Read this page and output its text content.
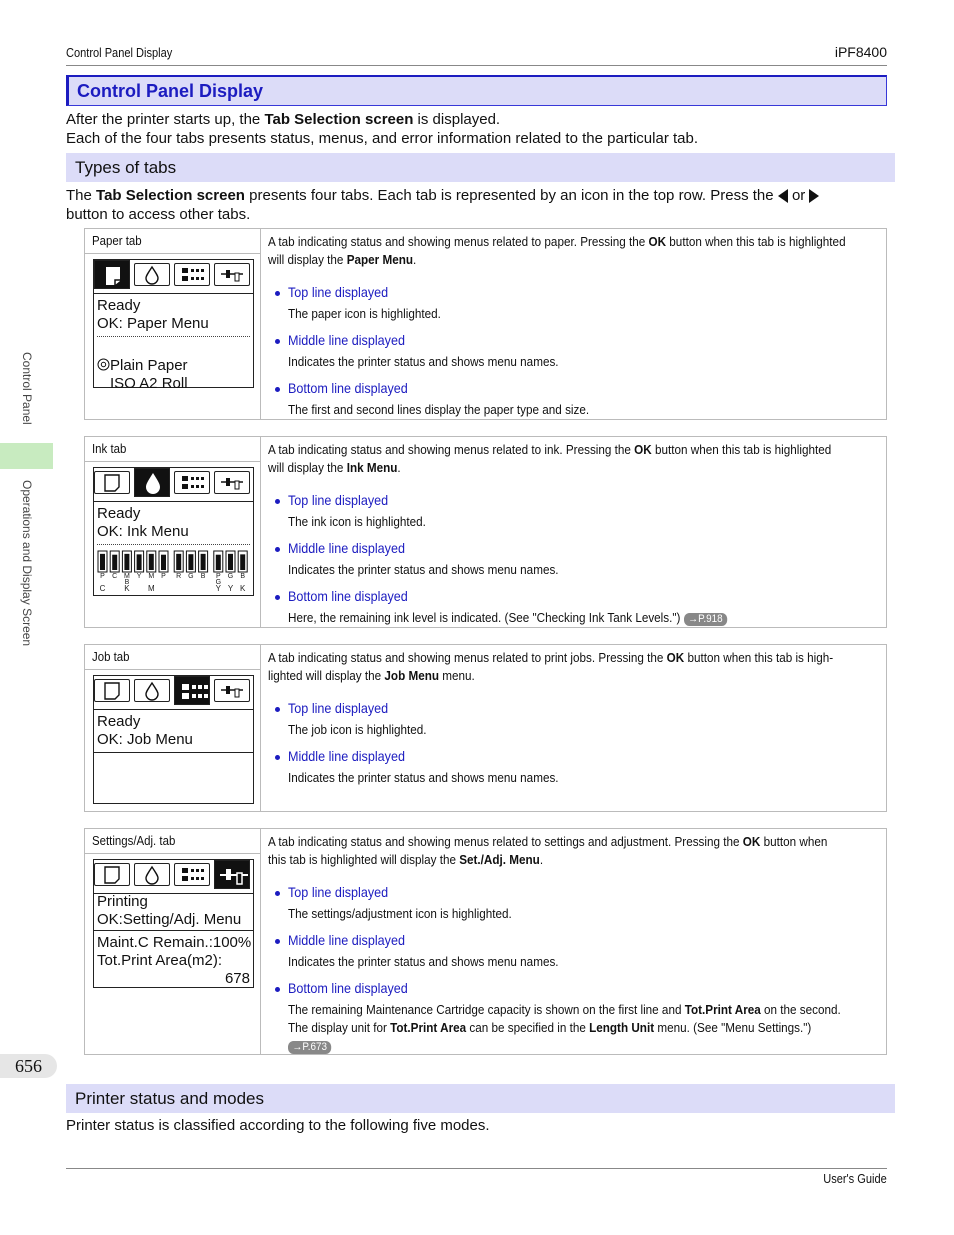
Control Panel Display	iPF8400
Control Panel
Operations and Display Screen
656
Control Panel Display
After the printer starts up, the Tab Selection screen is displayed.
Each of the four tabs presents status, menus, and error information related to the particular tab.
Types of tabs
The Tab Selection screen presents four tabs. Each tab is represented by an icon in the top row. Press the  or
button to access other tabs.
Paper tab
Ready
OK: Paper Menu
Plain Paper
ISO A2 Roll
A tab indicating status and showing menus related to paper. Pressing the OK button when this tab is highlighted
will display the Paper Menu.
Top line displayed
The paper icon is highlighted.
Middle line displayed
Indicates the printer status and shows menu names.
Bottom line displayed
The first and second lines display the paper type and size.
Ink tab
Ready
OK: Ink Menu
P
C
C M
B
K
Y M
M
P R G B P
G
Y
G
Y
B
K
A tab indicating status and showing menus related to ink. Pressing the OK button when this tab is highlighted
will display the Ink Menu.
Top line displayed
The ink icon is highlighted.
Middle line displayed
Indicates the printer status and shows menu names.
Bottom line displayed
Here, the remaining ink level is indicated. (See "Checking Ink Tank Levels.") →P.918
Job tab
Ready
OK: Job Menu
A tab indicating status and showing menus related to print jobs. Pressing the OK button when this tab is high-
lighted will display the Job Menu menu.
Top line displayed
The job icon is highlighted.
Middle line displayed
Indicates the printer status and shows menu names.
Settings/Adj. tab
Printing
OK:Setting/Adj. Menu
Maint.C Remain.:100%
Tot.Print Area(m2):
678
A tab indicating status and showing menus related to settings and adjustment. Pressing the OK button when
this tab is highlighted will display the Set./Adj. Menu.
Top line displayed
The settings/adjustment icon is highlighted.
Middle line displayed
Indicates the printer status and shows menu names.
Bottom line displayed
The remaining Maintenance Cartridge capacity is shown on the first line and Tot.Print Area on the second.
The display unit for Tot.Print Area can be specified in the Length Unit menu. (See "Menu Settings.")
→P.673
Printer status and modes
Printer status is classified according to the following five modes.
User's Guide
